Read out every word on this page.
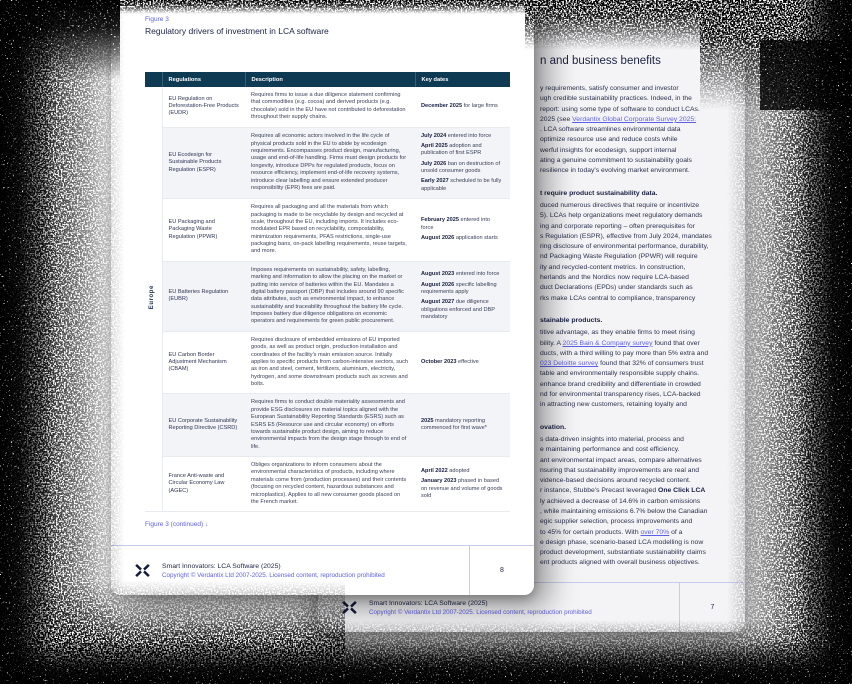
n and business benefits
y requirements, satisfy consumer and investor
ugh credible sustainability practices. Indeed, in the
report: using some type of software to conduct LCAs.
2025 (see Verdantix Global Corporate Survey 2025:
. LCA software streamlines environmental data
optimize resource use and reduce costs while
werful insights for ecodesign, support internal
ating a genuine commitment to sustainability goals
resilience in today's evolving market environment.
t require product sustainability data.
duced numerous directives that require or incentivize
5). LCAs help organizations meet regulatory demands
ing and corporate reporting – often prerequisites for
s Regulation (ESPR), effective from July 2024, mandates
ring disclosure of environmental performance, durability,
nd Packaging Waste Regulation (PPWR) will require
ity and recycled-content metrics. In construction,
herlands and the Nordics now require LCA-based
duct Declarations (EPDs) under standards such as
rks make LCAs central to compliance, transparency
stainable products.
titive advantage, as they enable firms to meet rising
bility. A 2025 Bain & Company survey found that over
ducts, with a third willing to pay more than 5% extra and
023 Deloitte survey found that 32% of consumers trust
table and environmentally responsible supply chains.
enhance brand credibility and differentiate in crowded
nd for environmental transparency rises, LCA-backed
in attracting new customers, retaining loyalty and
ovation.
s data-driven insights into material, process and
e maintaining performance and cost efficiency.
ant environmental impact areas, compare alternatives
nsuring that sustainability improvements are real and
vidence-based decisions around recycled content.
r instance, Stubbe's Precast leveraged One Click LCA
ly achieved a decrease of 14.6% in carbon emissions
, while maintaining emissions 6.7% below the Canadian
egic supplier selection, process improvements and
to 45% for certain products. With over 70% of a
e design phase, scenario-based LCA modelling is now
product development, substantiate sustainability claims
ent products aligned with overall business objectives.
Smart Innovators: LCA Software (2025)
Copyright © Verdantix Ltd 2007-2025. Licensed content, reproduction prohibited
7
Figure 3
Regulatory drivers of investment in LCA software
	Regulations	Description	Key dates
Europe	EU Regulation on Deforestation-Free Products (EUDR)	Requires firms to issue a due diligence statement confirming that commodities (e.g. cocoa) and derived products (e.g. chocolate) sold in the EU have not contributed to deforestation throughout their supply chains.	December 2025 for large firms

EU Ecodesign for Sustainable Products Regulation (ESPR)	Requires all economic actors involved in the life cycle of physical products sold in the EU to abide by ecodesign requirements. Encompasses product design, manufacturing, usage and end-of-life handling. Firms must design products for longevity, introduce DPPs for regulated products, focus on resource efficiency, implement end-of-life recovery systems, introduce clear labelling and ensure extended producer responsibility (EPR) fees are paid.	
July 2024 entered into force
April 2025 adoption and publication of first ESPR
July 2026 ban on destruction of unsold consumer goods
Early 2027 scheduled to be fully applicable

	EU Packaging and Packaging Waste Regulation (PPWR)	Requires all packaging and all the materials from which packaging is made to be recyclable by design and recycled at scale, throughout the EU, including imports. It includes eco-modulated EPR based on recyclability, compostability, minimization requirements, PFAS restrictions, single-use packaging bans, on-pack labelling requirements, reuse targets, and more.	February 2025 entered into force
August 2026 application starts

EU Batteries Regulation (EUBR)	Imposes requirements on sustainability, safety, labelling, marking and information to allow the placing on the market or putting into service of batteries within the EU. Mandates a digital battery passport (DBP) that includes around 90 specific data attributes, such as environmental impact, to enhance sustainability and traceability throughout the battery life cycle. Imposes battery due diligence obligations on economic operators and requirements for green public procurement.	
August 2023 entered into force
August 2026 specific labelling requirements apply
August 2027 due diligence obligations enforced and DBP mandatory

	EU Carbon Border Adjustment Mechanism (CBAM)	Requires disclosure of embedded emissions of EU imported goods, as well as product origin, production installation and coordinates of the facility's main emission source. Initially applies to specific products from carbon-intensive sectors, such as iron and steel, cement, fertilizers, aluminium, electricity, hydrogen, and some downstream products such as screws and bolts.	October 2023 effective

	EU Corporate Sustainability Reporting Directive (CSRD)	Requires firms to conduct double materiality assessments and provide ESG disclosures on material topics aligned with the European Sustainability Reporting Standards (ESRS) such as ESRS E5 (Resource use and circular economy) on efforts towards sustainable product design, aiming to reduce environmental impacts from the design stage through to end of life.	2025 mandatory reporting commenced for first wave*

	France Anti-waste and Circular Economy Law (AGEC)	Obliges organizations to inform consumers about the environmental characteristics of products, including where materials come from (production processes) and their contents (focusing on recycled content, hazardous substances and microplastics). Applies to all new consumer goods placed on the French market.	April 2022 adopted
January 2023 phased in based on revenue and volume of goods sold
Figure 3 (continued) ↓
Smart Innovators: LCA Software (2025)
Copyright © Verdantix Ltd 2007-2025. Licensed content, reproduction prohibited
8
